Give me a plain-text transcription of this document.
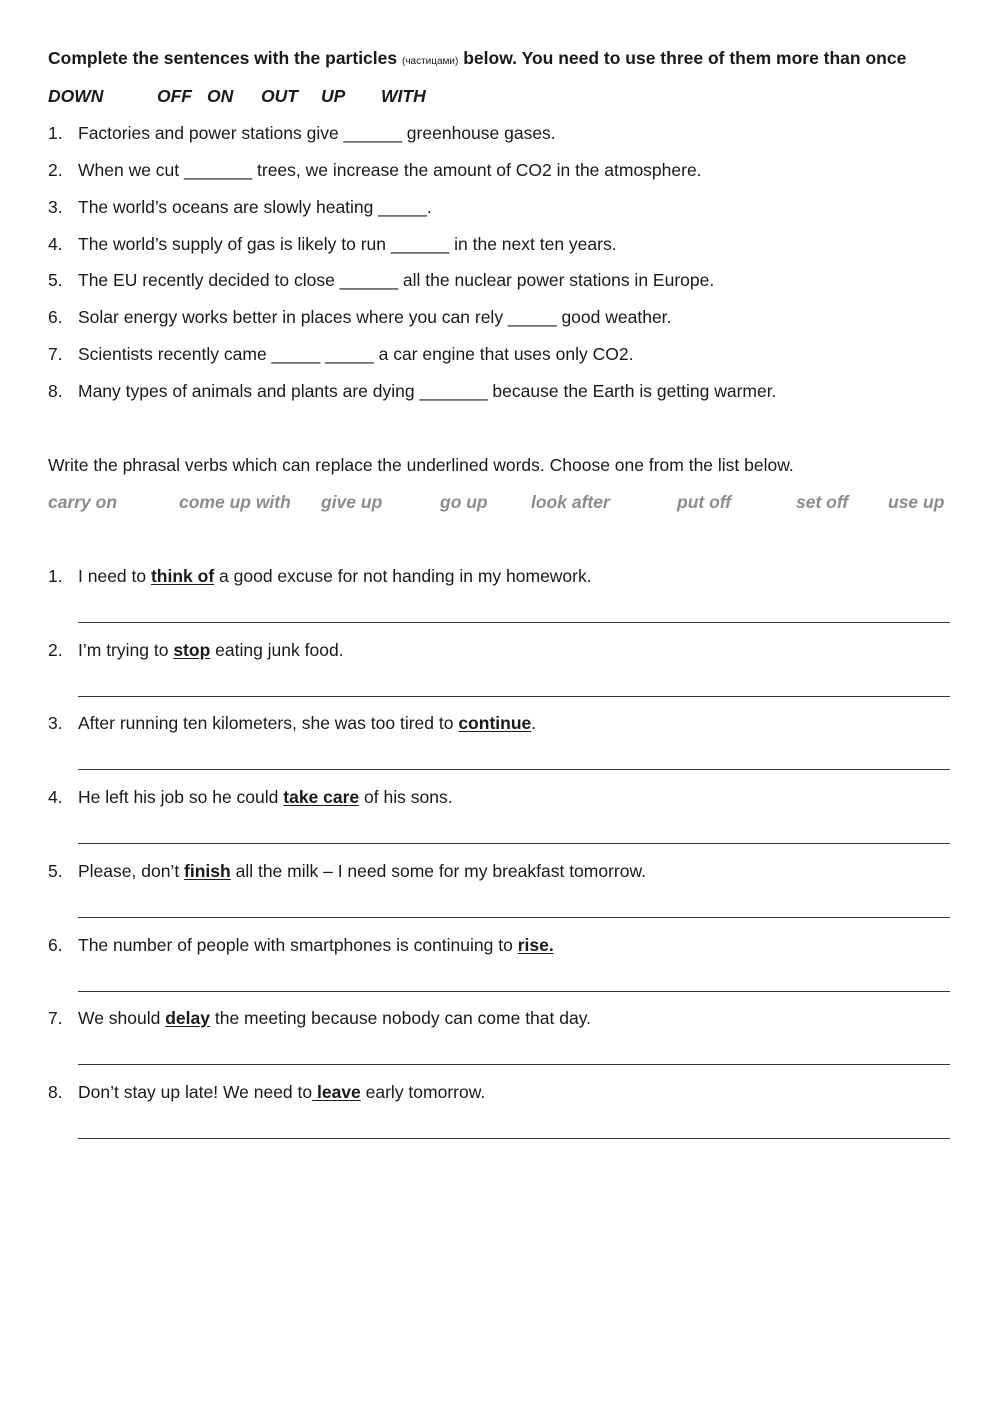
Complete the sentences with the particles (частицами) below. You need to use three of them more than once
DOWN	OFF ON OUT UP WITH
1. Factories and power stations give ______ greenhouse gases.
2. When we cut _______ trees, we increase the amount of CO2 in the atmosphere.
3. The world’s oceans are slowly heating _____.
4. The world’s supply of gas is likely to run ______ in the next ten years.
5. The EU recently decided to close ______ all the nuclear power stations in Europe.
6. Solar energy works better in places where you can rely _____ good weather.
7. Scientists recently came _____ _____ a car engine that uses only CO2.
8. Many types of animals and plants are dying _______ because the Earth is getting warmer.
Write the phrasal verbs which can replace the underlined words. Choose one from the list below.
carry on	come up with give up	go up look after	put off	set off use up
1. I need to think of a good excuse for not handing in my homework.
2. I’m trying to stop eating junk food.
3. After running ten kilometers, she was too tired to continue.
4. He left his job so he could take care of his sons.
5. Please, don’t finish all the milk – I need some for my breakfast tomorrow.
6. The number of people with smartphones is continuing to rise.
7. We should delay the meeting because nobody can come that day.
8. Don’t stay up late! We need to leave early tomorrow.
